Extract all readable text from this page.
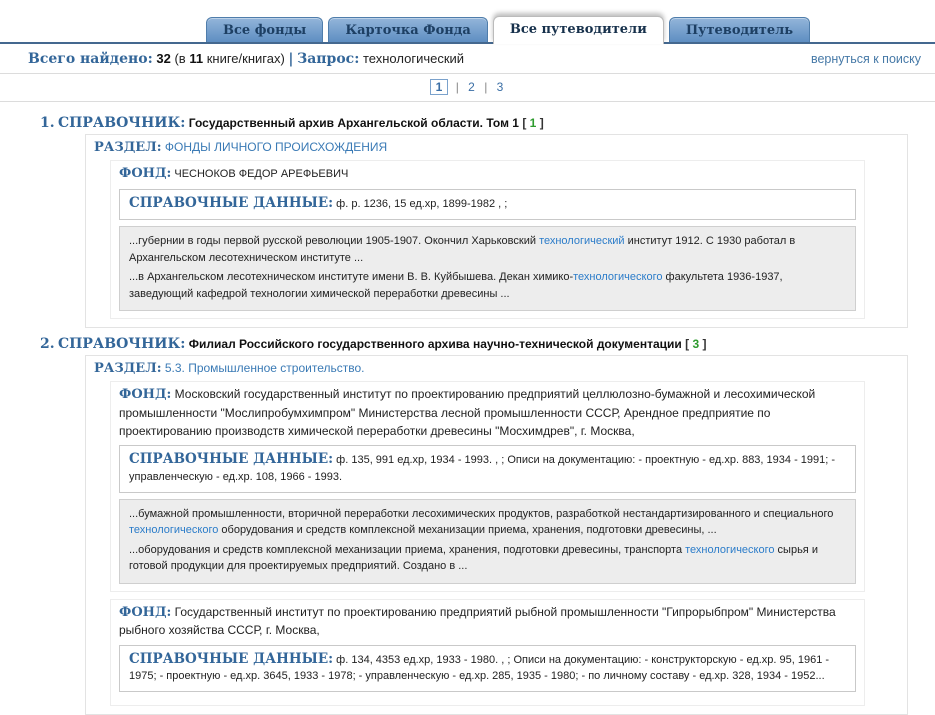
Все фонды	Карточка Фонда	Все путеводители	Путеводитель
Всего найдено: 32 (в 11 книге/книгах) | Запрос: технологический	вернуться к поиску
1 | 2 | 3
1. СПРАВОЧНИК: Государственный архив Архангельской области. Том 1 [ 1 ]
РАЗДЕЛ: ФОНДЫ ЛИЧНОГО ПРОИСХОЖДЕНИЯ
ФОНД: ЧЕСНОКОВ ФЕДОР АРЕФЬЕВИЧ
СПРАВОЧНЫЕ ДАННЫЕ: ф. р. 1236, 15 ед.хр, 1899-1982 , ;

...губернии в годы первой русской революции 1905-1907. Окончил Харьковский технологический институт 1912. С 1930 работал в Архангельском лесотехническом институте ...

...в Архангельском лесотехническом институте имени В. В. Куйбышева. Декан химико-технологического факультета 1936-1937, заведующий кафедрой технологии химической переработки древесины ...

2. СПРАВОЧНИК: Филиал Российского государственного архива научно-технической документации [ 3 ]
РАЗДЕЛ: 5.3. Промышленное строительство.
ФОНД: Московский государственный институт по проектированию предприятий целлюлозно-бумажной и лесохимической промышленности "Мослипробумхимпром" Министерства лесной промышленности СССР, Арендное предприятие по проектированию производств химической переработки древесины "Мосхимдрев", г. Москва,
СПРАВОЧНЫЕ ДАННЫЕ: ф. 135, 991 ед.хр, 1934 - 1993. , ; Описи на документацию: - проектную - ед.хр. 883, 1934 - 1991; - управленческую - ед.хр. 108, 1966 - 1993.

...бумажной промышленности, вторичной переработки лесохимических продуктов, разработкой нестандартизированного и специального технологического оборудования и средств комплексной механизации приема, хранения, подготовки древесины, ...

...оборудования и средств комплексной механизации приема, хранения, подготовки древесины, транспорта технологического сырья и готовой продукции для проектируемых предприятий. Создано в ...

ФОНД: Государственный институт по проектированию предприятий рыбной промышленности "Гипрорыбпром" Министерства рыбного хозяйства СССР, г. Москва,
СПРАВОЧНЫЕ ДАННЫЕ: ф. 134, 4353 ед.хр, 1933 - 1980. , ; Описи на документацию: - конструкторскую - ед.хр. 95, 1961 - 1975; - проектную - ед.хр. 3645, 1933 - 1978; - управленческую - ед.хр. 285, 1935 - 1980; - по личному составу - ед.хр. 328, 1934 - 1952...
